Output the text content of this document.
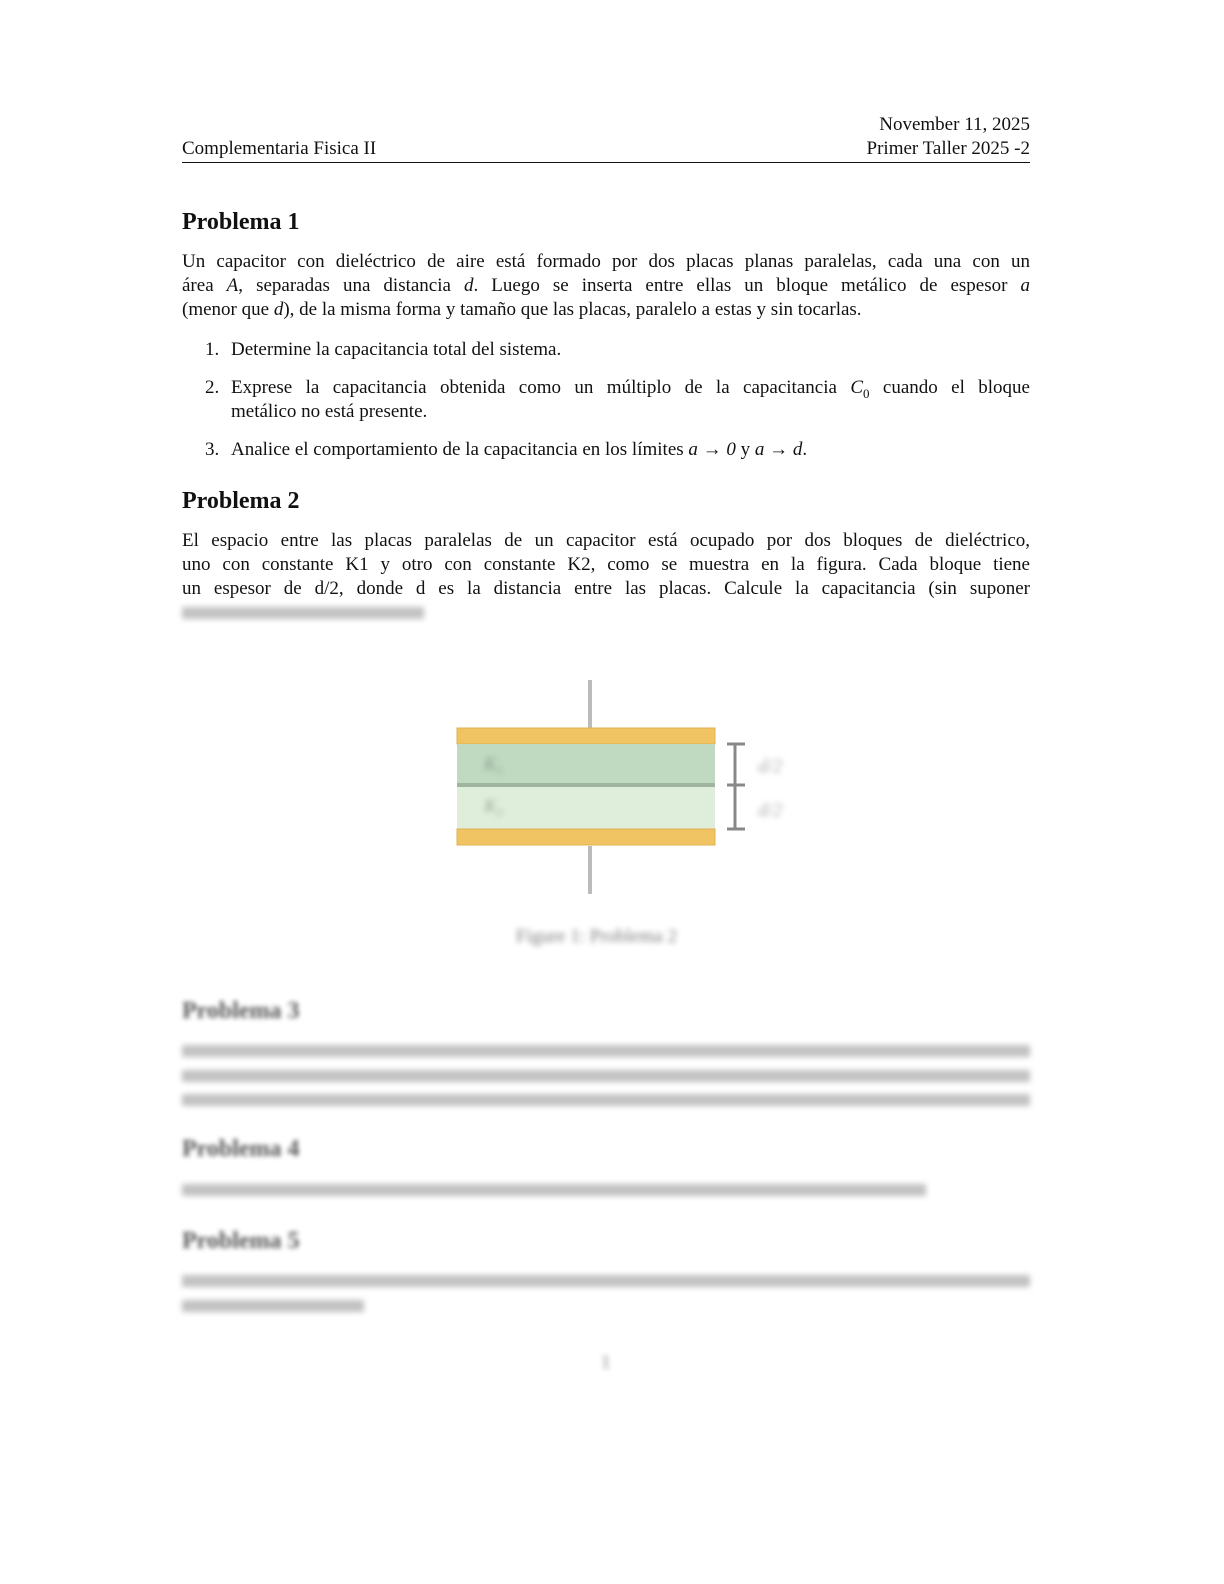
November 11, 2025
Complementaria Fisica II	Primer Taller 2025 -2
Problema 1
Un capacitor con dieléctrico de aire está formado por dos placas planas paralelas, cada una con un
área A, separadas una distancia d. Luego se inserta entre ellas un bloque metálico de espesor a
(menor que d), de la misma forma y tamaño que las placas, paralelo a estas y sin tocarlas.
1. Determine la capacitancia total del sistema.
2. Exprese la capacitancia obtenida como un múltiplo de la capacitancia $C_0$ cuando el bloque
metálico no está presente.
3. Analice el comportamiento de la capacitancia en los límites a → 0 y a → d.
Problema 2
El espacio entre las placas paralelas de un capacitor está ocupado por dos bloques de dieléctrico,
uno con constante K1 y otro con constante K2, como se muestra en la figura. Cada bloque tiene
un espesor de d/2, donde d es la distancia entre las placas. Calcule la capacitancia (sin suponer
$K_1$
$K_2$
d/2
d/2
Figure 1: Problema 2
Problema 3
Problema 4
Problema 5
1
